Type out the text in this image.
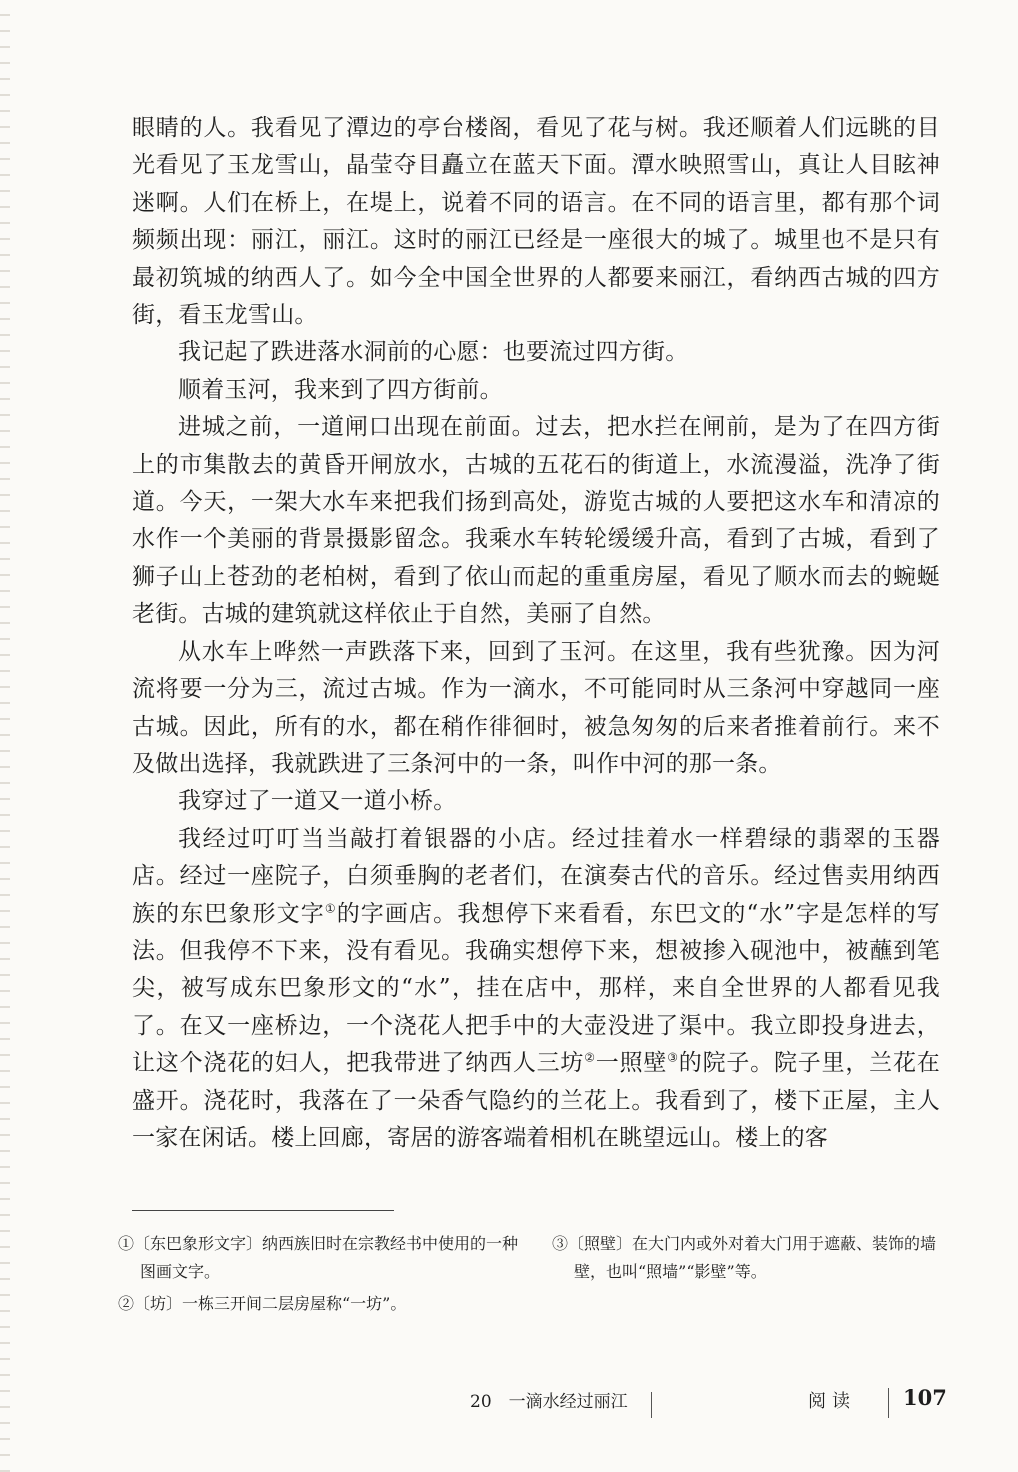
眼睛的人。我看见了潭边的亭台楼阁，看见了花与树。我还顺着人们远眺的目光看见了玉龙雪山，晶莹夺目矗立在蓝天下面。潭水映照雪山，真让人目眩神迷啊。人们在桥上，在堤上，说着不同的语言。在不同的语言里，都有那个词频频出现：丽江，丽江。这时的丽江已经是一座很大的城了。城里也不是只有最初筑城的纳西人了。如今全中国全世界的人都要来丽江，看纳西古城的四方街，看玉龙雪山。

我记起了跌进落水洞前的心愿：也要流过四方街。

顺着玉河，我来到了四方街前。

进城之前，一道闸口出现在前面。过去，把水拦在闸前，是为了在四方街上的市集散去的黄昏开闸放水，古城的五花石的街道上，水流漫溢，洗净了街道。今天，一架大水车来把我们扬到高处，游览古城的人要把这水车和清凉的水作一个美丽的背景摄影留念。我乘水车转轮缓缓升高，看到了古城，看到了狮子山上苍劲的老柏树，看到了依山而起的重重房屋，看见了顺水而去的蜿蜒老街。古城的建筑就这样依止于自然，美丽了自然。

从水车上哗然一声跌落下来，回到了玉河。在这里，我有些犹豫。因为河流将要一分为三，流过古城。作为一滴水，不可能同时从三条河中穿越同一座古城。因此，所有的水，都在稍作徘徊时，被急匆匆的后来者推着前行。来不及做出选择，我就跌进了三条河中的一条，叫作中河的那一条。

我穿过了一道又一道小桥。

我经过叮叮当当敲打着银器的小店。经过挂着水一样碧绿的翡翠的玉器店。经过一座院子，白须垂胸的老者们，在演奏古代的音乐。经过售卖用纳西族的东巴象形文字①的字画店。我想停下来看看，东巴文的“水”字是怎样的写法。但我停不下来，没有看见。我确实想停下来，想被掺入砚池中，被蘸到笔尖，被写成东巴象形文的“水”，挂在店中，那样，来自全世界的人都看见我了。在又一座桥边，一个浇花人把手中的大壶没进了渠中。我立即投身进去，让这个浇花的妇人，把我带进了纳西人三坊②一照壁③的院子。院子里，兰花在盛开。浇花时，我落在了一朵香气隐约的兰花上。我看到了，楼下正屋，主人一家在闲话。楼上回廊，寄居的游客端着相机在眺望远山。楼上的客

①〔东巴象形文字〕纳西族旧时在宗教经书中使用的一种图画文字。

②〔坊〕一栋三开间二层房屋称“一坊”。

③〔照壁〕在大门内或外对着大门用于遮蔽、装饰的墙壁，也叫“照墙”“影壁”等。

20　一滴水经过丽江	阅读 107
